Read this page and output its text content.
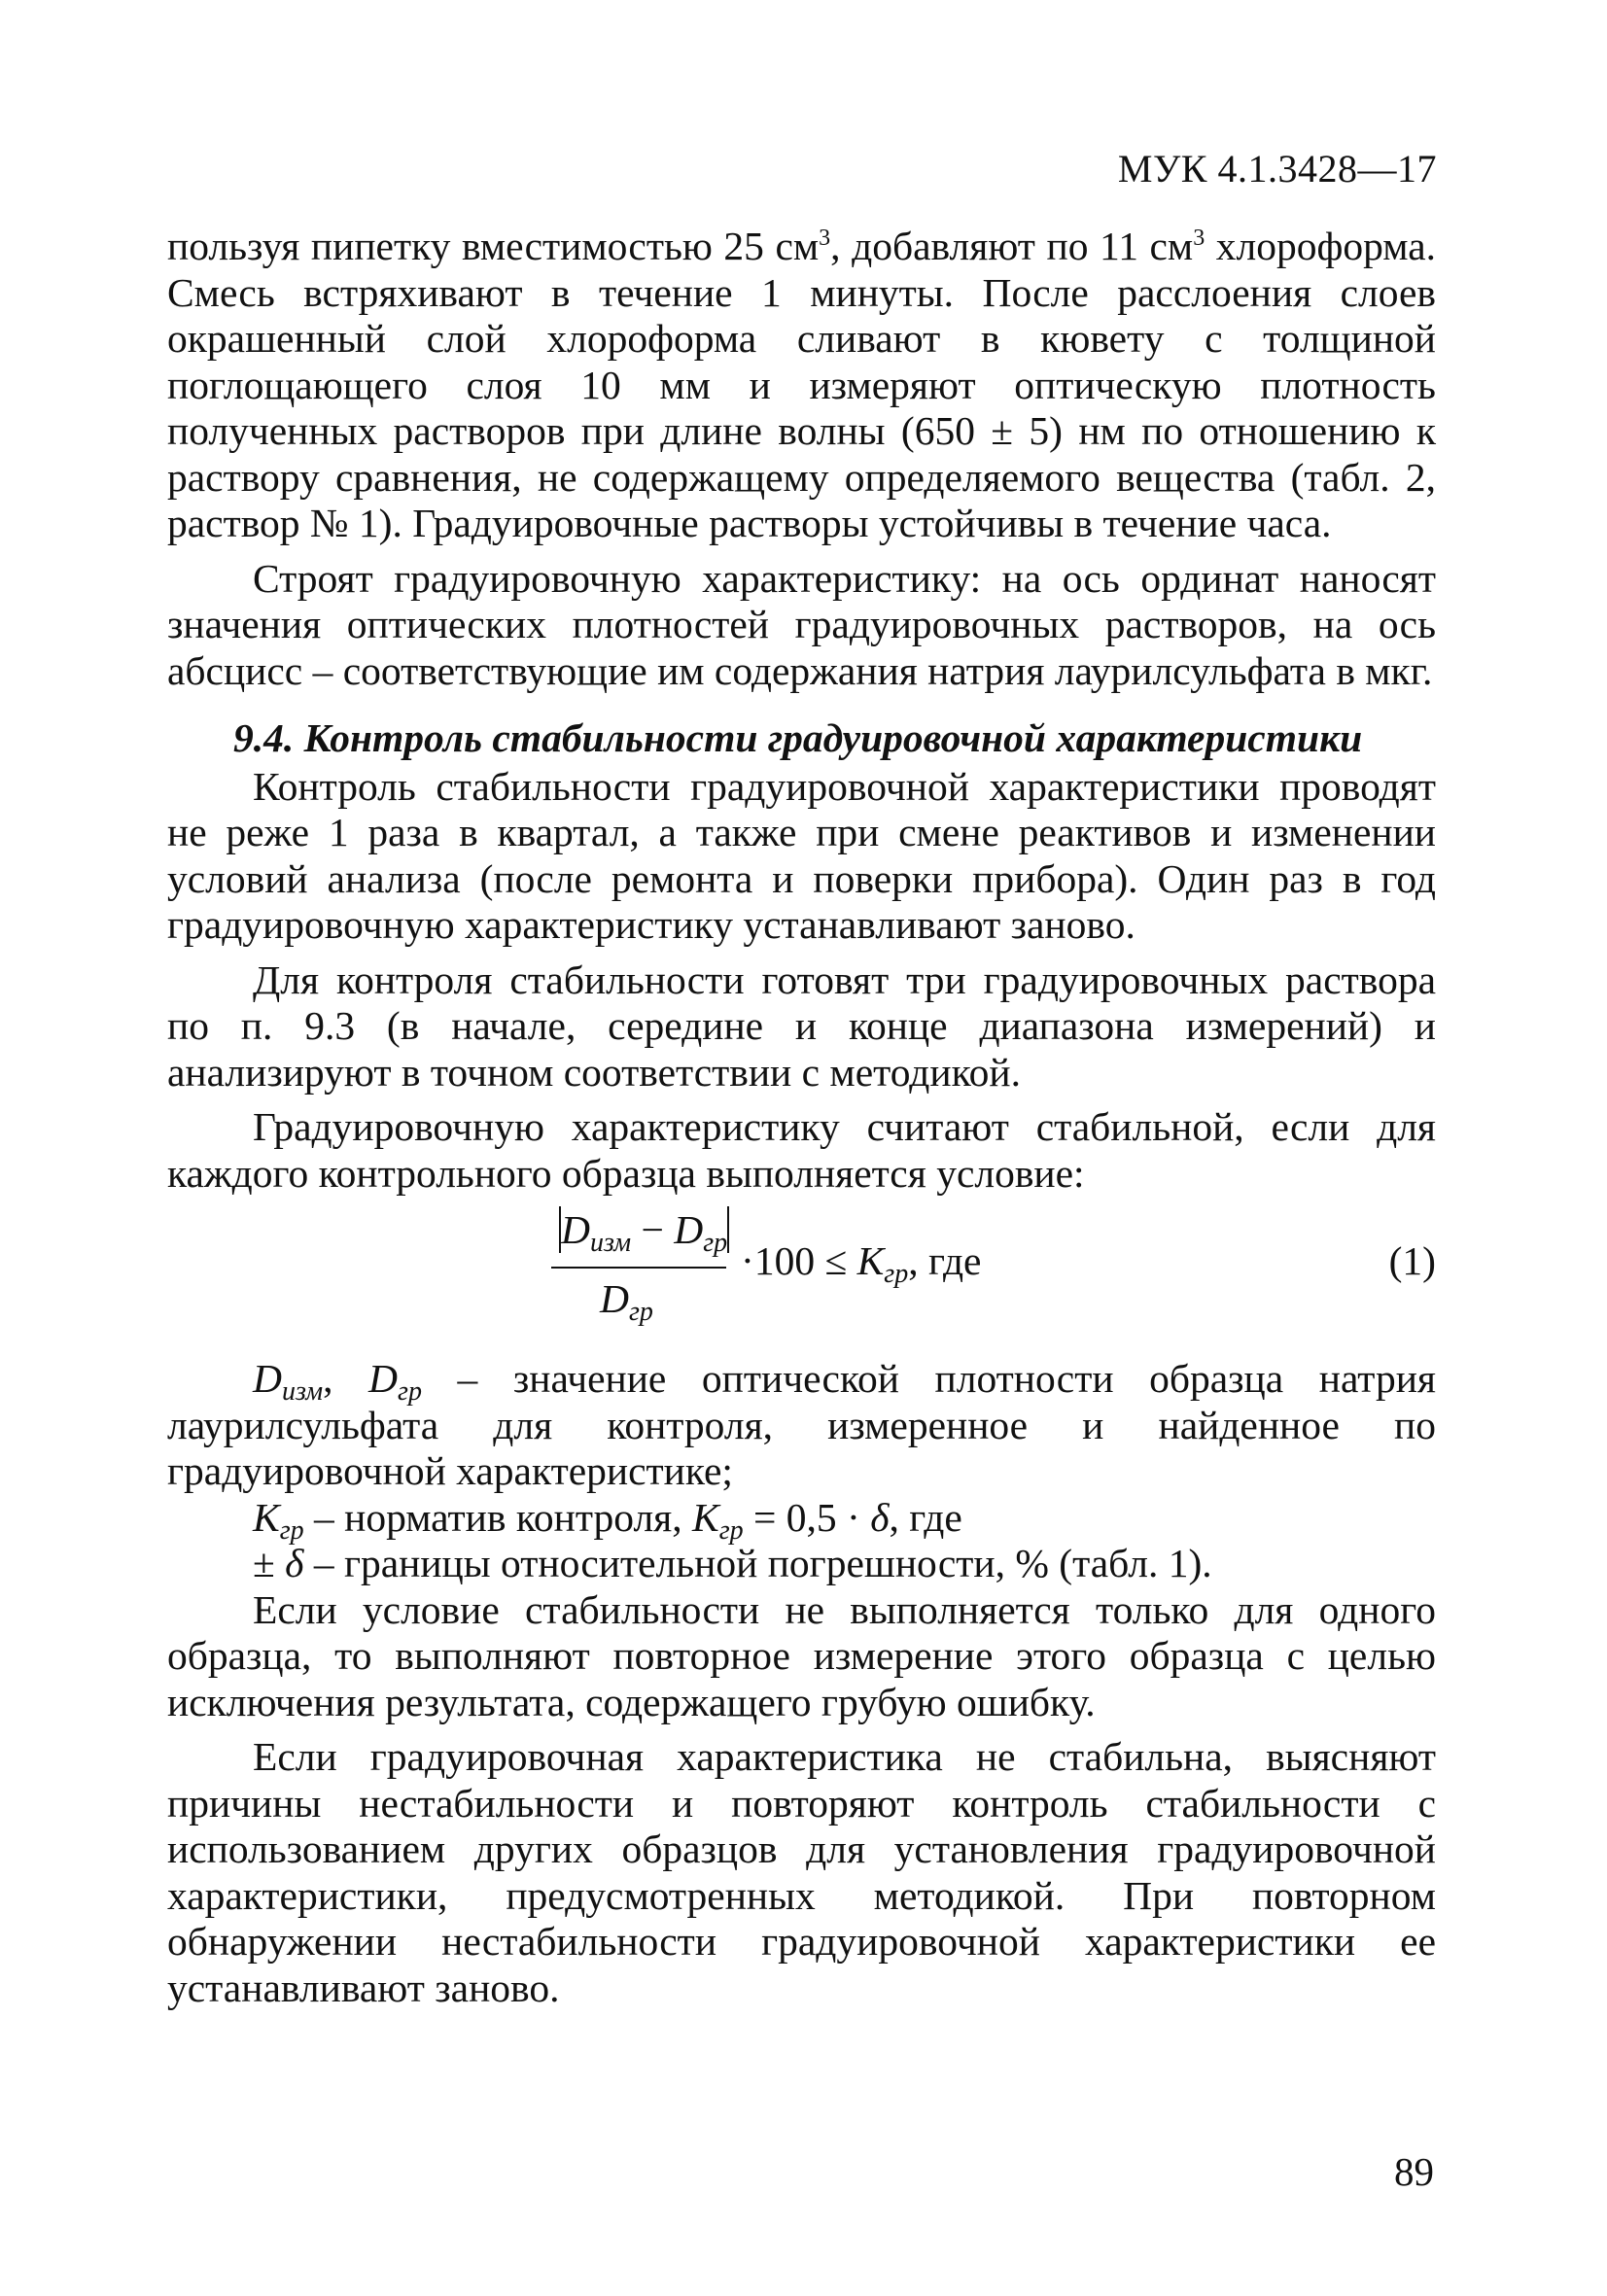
МУК 4.1.3428—17

пользуя пипетку вместимостью 25 $см^3$, добавляют по 11 $см^3$ хлороформа. Смесь встряхивают в течение 1 минуты. После расслоения слоев окрашенный слой хлороформа сливают в кювету с толщиной поглощающего слоя 10 мм и измеряют оптическую плотность полученных растворов при длине волны (650 ± 5) нм по отношению к раствору сравнения, не содержащему определяемого вещества (табл. 2, раствор № 1). Градуировочные растворы устойчивы в течение часа.

Строят градуировочную характеристику: на ось ординат наносят значения оптических плотностей градуировочных растворов, на ось абсцисс – соответствующие им содержания натрия лаурилсульфата в мкг.

9.4. Контроль стабильности градуировочной характеристики

Контроль стабильности градуировочной характеристики проводят не реже 1 раза в квартал, а также при смене реактивов и изменении условий анализа (после ремонта и поверки прибора). Один раз в год градуировочную характеристику устанавливают заново.

Для контроля стабильности готовят три градуировочных раствора по п. 9.3 (в начале, середине и конце диапазона измерений) и анализируют в точном соответствии с методикой.

Градуировочную характеристику считают стабильной, если для каждого контрольного образца выполняется условие:

$D_{изм} - D_{гр}$
$D_{гр}$
$\cdot 100 \le K_{гр}$, где	(1)

$D_{изм}$, $D_{гр}$ – значение оптической плотности образца натрия лаурилсульфата для контроля, измеренное и найденное по градуировочной характеристике;

$K_{гр}$ – норматив контроля, $K_{гр} = 0,5 \cdot \delta$, где

± δ – границы относительной погрешности, % (табл. 1).

Если условие стабильности не выполняется только для одного образца, то выполняют повторное измерение этого образца с целью исключения результата, содержащего грубую ошибку.

Если градуировочная характеристика не стабильна, выясняют причины нестабильности и повторяют контроль стабильности с использованием других образцов для установления градуировочной характеристики, предусмотренных методикой. При повторном обнаружении нестабильности градуировочной характеристики ее устанавливают заново.

89
